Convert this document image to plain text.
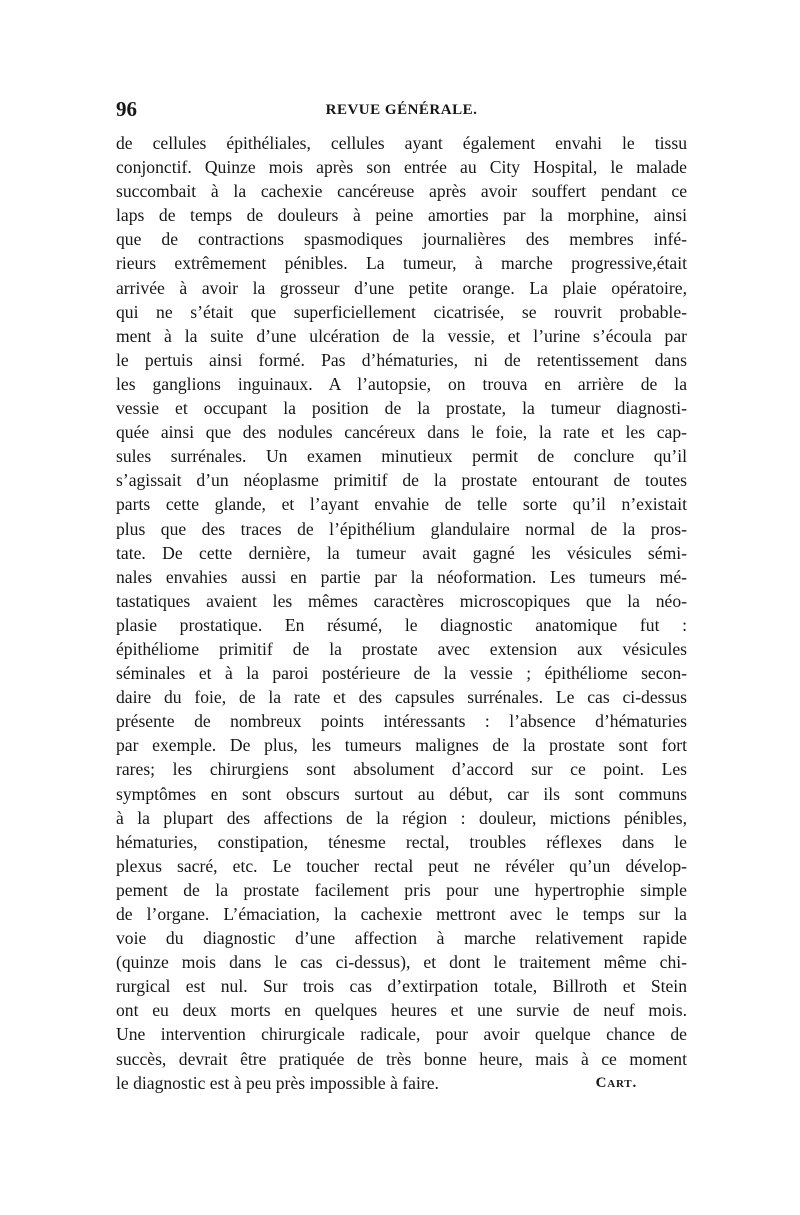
96	REVUE GÉNÉRALE.
de cellules épithéliales, cellules ayant également envahi le tissu
conjonctif. Quinze mois après son entrée au City Hospital, le malade
succombait à la cachexie cancéreuse après avoir souffert pendant ce
laps de temps de douleurs à peine amorties par la morphine, ainsi
que de contractions spasmodiques journalières des membres infé-
rieurs extrêmement pénibles. La tumeur, à marche progressive,était
arrivée à avoir la grosseur d’une petite orange. La plaie opératoire,
qui ne s’était que superficiellement cicatrisée, se rouvrit probable-
ment à la suite d’une ulcération de la vessie, et l’urine s’écoula par
le pertuis ainsi formé. Pas d’hématuries, ni de retentissement dans
les ganglions inguinaux. A l’autopsie, on trouva en arrière de la
vessie et occupant la position de la prostate, la tumeur diagnosti-
quée ainsi que des nodules cancéreux dans le foie, la rate et les cap-
sules surrénales. Un examen minutieux permit de conclure qu’il
s’agissait d’un néoplasme primitif de la prostate entourant de toutes
parts cette glande, et l’ayant envahie de telle sorte qu’il n’existait
plus que des traces de l’épithélium glandulaire normal de la pros-
tate. De cette dernière, la tumeur avait gagné les vésicules sémi-
nales envahies aussi en partie par la néoformation. Les tumeurs mé-
tastatiques avaient les mêmes caractères microscopiques que la néo-
plasie prostatique. En résumé, le diagnostic anatomique fut :
épithéliome primitif de la prostate avec extension aux vésicules
séminales et à la paroi postérieure de la vessie ; épithéliome secon-
daire du foie, de la rate et des capsules surrénales. Le cas ci-dessus
présente de nombreux points intéressants : l’absence d’hématuries
par exemple. De plus, les tumeurs malignes de la prostate sont fort
rares; les chirurgiens sont absolument d’accord sur ce point. Les
symptômes en sont obscurs surtout au début, car ils sont communs
à la plupart des affections de la région : douleur, mictions pénibles,
hématuries, constipation, ténesme rectal, troubles réflexes dans le
plexus sacré, etc. Le toucher rectal peut ne révéler qu’un dévelop-
pement de la prostate facilement pris pour une hypertrophie simple
de l’organe. L’émaciation, la cachexie mettront avec le temps sur la
voie du diagnostic d’une affection à marche relativement rapide
(quinze mois dans le cas ci-dessus), et dont le traitement même chi-
rurgical est nul. Sur trois cas d’extirpation totale, Billroth et Stein
ont eu deux morts en quelques heures et une survie de neuf mois.
Une intervention chirurgicale radicale, pour avoir quelque chance de
succès, devrait être pratiquée de très bonne heure, mais à ce moment
le diagnostic est à peu près impossible à faire.	Cart.
